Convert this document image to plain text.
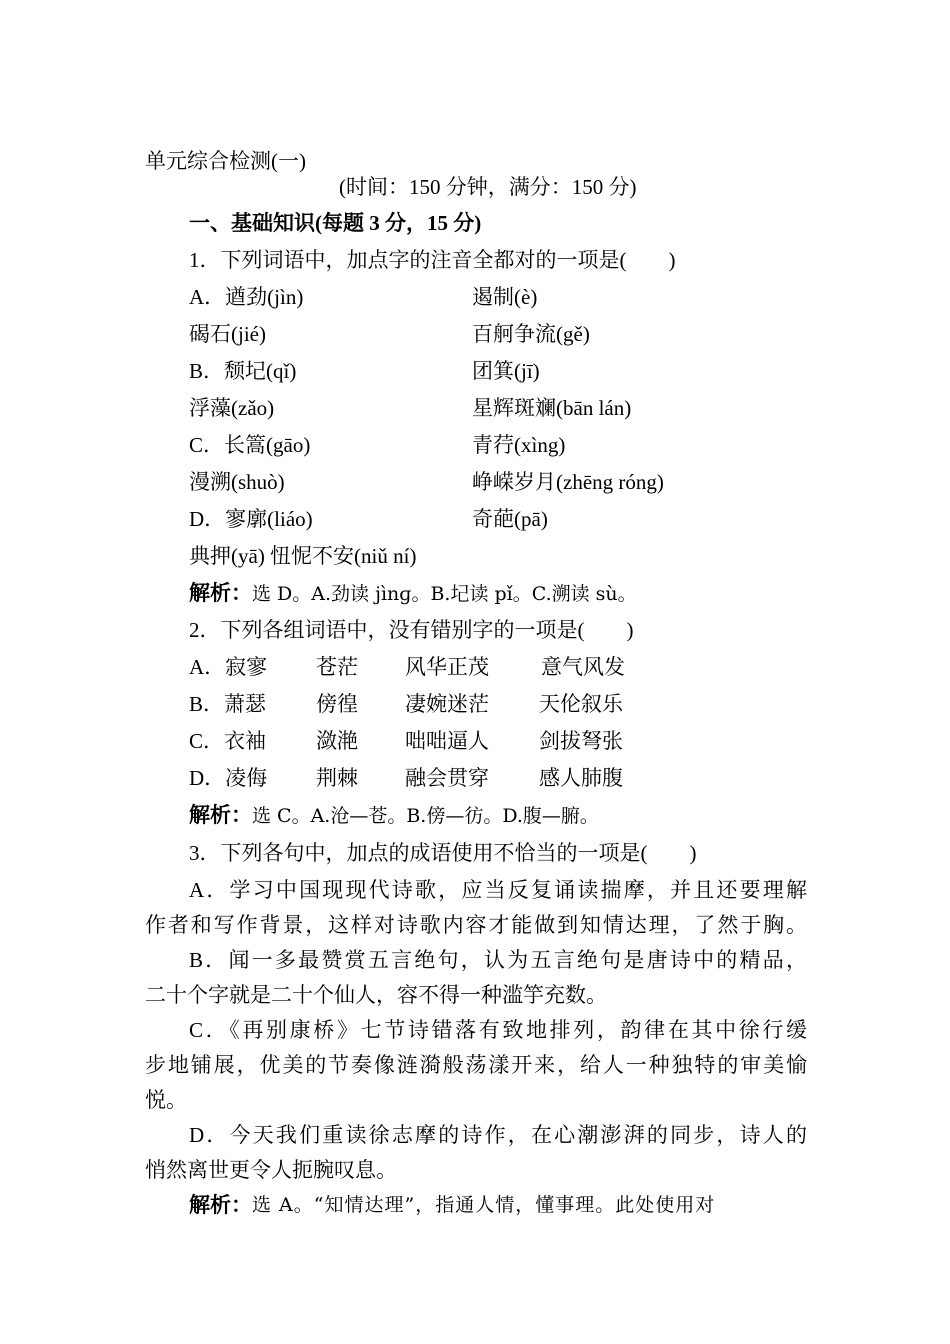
单元综合检测(一)
(时间：150 分钟，满分：150 分)
一、基础知识(每题 3 分，15 分)
1．下列词语中，加点字的注音全都对的一项是(　　)
A．遒劲(jìn)	遏制(è)
碣石(jié)	百舸争流(gě)
B．颓圮(qǐ)	团箕(jī)
浮藻(zǎo)	星辉斑斓(bān lán)
C．长篙(gāo)	青荇(xìng)
漫溯(shuò)	峥嵘岁月(zhēng róng)
D．寥廓(liáo)	奇葩(pā)
典押(yā) 忸怩不安(niǔ ní)
解析：选 D。A.劲读 jìnɡ。B.圮读 pǐ。C.溯读 sù。
2．下列各组词语中，没有错别字的一项是(　　)
A．寂寥 苍茫 风华正茂 意气风发
B．萧瑟 傍徨 凄婉迷茫 天伦叙乐
C．衣袖 潋滟 咄咄逼人 剑拔弩张
D．凌侮 荆棘 融会贯穿 感人肺腹
解析：选 C。A.沧—苍。B.傍—彷。D.腹—腑。
3．下列各句中，加点的成语使用不恰当的一项是(　　)
A．学习中国现现代诗歌，应当反复诵读揣摩，并且还要理解
作者和写作背景，这样对诗歌内容才能做到知情达理，了然于胸。
B．闻一多最赞赏五言绝句，认为五言绝句是唐诗中的精品，
二十个字就是二十个仙人，容不得一种滥竽充数。
C．《再别康桥》七节诗错落有致地排列，韵律在其中徐行缓
步地铺展，优美的节奏像涟漪般荡漾开来，给人一种独特的审美愉
悦。
D．今天我们重读徐志摩的诗作，在心潮澎湃的同步，诗人的
悄然离世更令人扼腕叹息。
解析： 选 A。“知情达理”，指通人情，懂事理。此处使用对
